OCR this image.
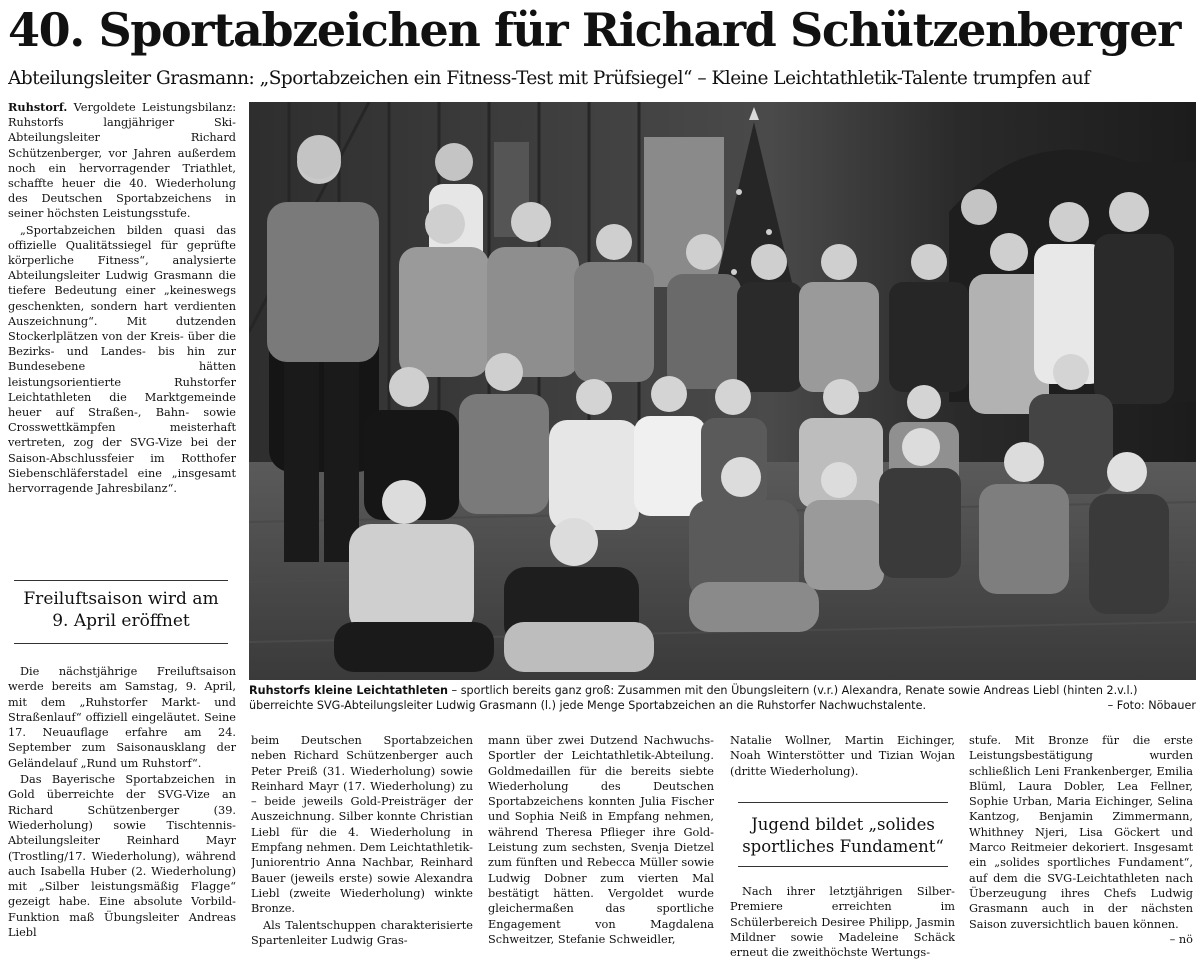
40. Sportabzeichen für Richard Schützenberger
Abteilungsleiter Grasmann: „Sportabzeichen ein Fitness-Test mit Prüfsiegel“ – Kleine Leichtathletik-Talente trumpfen auf

Ruhstorf. Vergoldete Leistungsbilanz: Ruhstorfs langjähriger Ski-Abteilungsleiter Richard Schützenberger, vor Jahren außerdem noch ein hervorragender Triathlet, schaffte heuer die 40. Wiederholung des Deutschen Sportabzeichens in seiner höchsten Leistungsstufe.

„Sportabzeichen bilden quasi das offizielle Qualitätssiegel für geprüfte körperliche Fitness“, analysierte Abteilungsleiter Ludwig Grasmann die tiefere Bedeutung einer „keineswegs geschenkten, sondern hart verdienten Auszeichnung“. Mit dutzenden Stockerlplätzen von der Kreis- über die Bezirks- und Landes- bis hin zur Bundesebene hätten leistungsorientierte Ruhstorfer Leichtathleten die Marktgemeinde heuer auf Straßen-, Bahn- sowie Crosswettkämpfen meisterhaft vertreten, zog der SVG-Vize bei der Saison-Abschlussfeier im Rotthofer Siebenschläferstadel eine „insgesamt hervorragende Jahresbilanz“.

Freiluftsaison wird am 9. April eröffnet

Die nächstjährige Freiluftsaison werde bereits am Samstag, 9. April, mit dem „Ruhstorfer Markt- und Straßenlauf“ offiziell eingeläutet. Seine 17. Neuauflage erfahre am 24. September zum Saisonausklang der Geländelauf „Rund um Ruhstorf“.

Das Bayerische Sportabzeichen in Gold überreichte der SVG-Vize an Richard Schützenberger (39. Wiederholung) sowie Tischtennis-Abteilungsleiter Reinhard Mayr (Trostling/17. Wiederholung), während auch Isabella Huber (2. Wiederholung) mit „Silber leistungsmäßig Flagge“ gezeigt habe. Eine absolute Vorbild-Funktion maß Übungsleiter Andreas Liebl

Ruhstorfs kleine Leichtathleten – sportlich bereits ganz groß: Zusammen mit den Übungsleitern (v.r.) Alexandra, Renate sowie Andreas Liebl (hinten 2.v.l.) überreichte SVG-Abteilungsleiter Ludwig Grasmann (l.) jede Menge Sportabzeichen an die Ruhstorfer Nachwuchstalente.	– Foto: Nöbauer

beim Deutschen Sportabzeichen neben Richard Schützenberger auch Peter Preiß (31. Wiederholung) sowie Reinhard Mayr (17. Wiederholung) zu – beide jeweils Gold-Preisträger der Auszeichnung. Silber konnte Christian Liebl für die 4. Wiederholung in Empfang nehmen. Dem Leichtathletik-Juniorentrio Anna Nachbar, Reinhard Bauer (jeweils erste) sowie Alexandra Liebl (zweite Wiederholung) winkte Bronze.

Als Talentschuppen charakterisierte Spartenleiter Ludwig Gras-

mann über zwei Dutzend Nachwuchs-Sportler der Leichtathletik-Abteilung. Goldmedaillen für die bereits siebte Wiederholung des Deutschen Sportabzeichens konnten Julia Fischer und Sophia Neiß in Empfang nehmen, während Theresa Pflieger ihre Gold-Leistung zum sechsten, Svenja Dietzel zum fünften und Rebecca Müller sowie Ludwig Dobner zum vierten Mal bestätigt hätten. Vergoldet wurde gleichermaßen das sportliche Engagement von Magdalena Schweitzer, Stefanie Schweidler,

Natalie Wollner, Martin Eichinger, Noah Winterstötter und Tizian Wojan (dritte Wiederholung).

Jugend bildet „solides sportliches Fundament“

Nach ihrer letztjährigen Silber-Premiere erreichten im Schülerbereich Desiree Philipp, Jasmin Mildner sowie Madeleine Schäck erneut die zweithöchste Wertungs-

stufe. Mit Bronze für die erste Leistungsbestätigung wurden schließlich Leni Frankenberger, Emilia Blüml, Laura Dobler, Lea Fellner, Sophie Urban, Maria Eichinger, Selina Kantzog, Benjamin Zimmermann, Whithney Njeri, Lisa Göckert und Marco Reitmeier dekoriert. Insgesamt ein „solides sportliches Fundament“, auf dem die SVG-Leichtathleten nach Überzeugung ihres Chefs Ludwig Grasmann auch in der nächsten Saison zuversichtlich bauen können.
– nö
